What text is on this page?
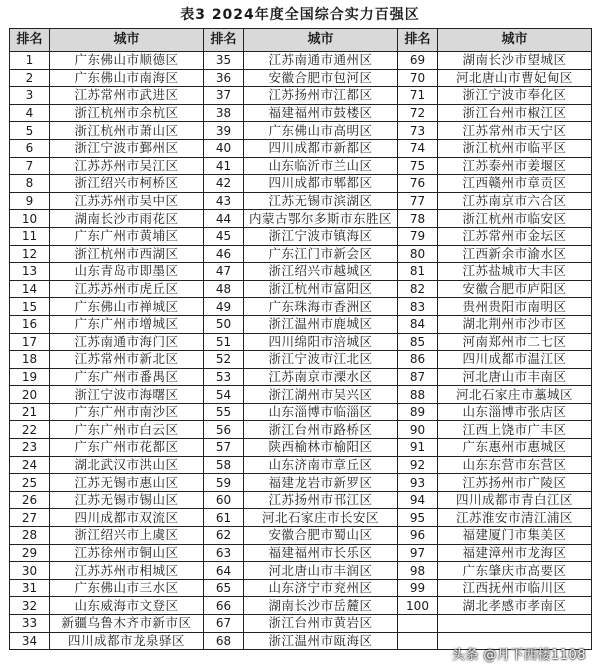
表3 2024年度全国综合实力百强区
排名	城市	排名	城市	排名	城市
1	广东佛山市顺德区	35	江苏南通市通州区	69	湖南长沙市望城区
2	广东佛山市南海区	36	安徽合肥市包河区	70	河北唐山市曹妃甸区
3	江苏常州市武进区	37	江苏扬州市江都区	71	浙江宁波市奉化区
4	浙江杭州市余杭区	38	福建福州市鼓楼区	72	浙江台州市椒江区
5	浙江杭州市萧山区	39	广东佛山市高明区	73	江苏常州市天宁区
6	浙江宁波市鄞州区	40	四川成都市新都区	74	浙江杭州市临平区
7	江苏苏州市吴江区	41	山东临沂市兰山区	75	江苏泰州市姜堰区
8	浙江绍兴市柯桥区	42	四川成都市郫都区	76	江西赣州市章贡区
9	江苏苏州市吴中区	43	江苏无锡市滨湖区	77	江苏南京市六合区
10	湖南长沙市雨花区	44	内蒙古鄂尔多斯市东胜区	78	浙江杭州市临安区
11	广东广州市黄埔区	45	浙江宁波市镇海区	79	江苏常州市金坛区
12	浙江杭州市西湖区	46	广东江门市新会区	80	江西新余市渝水区
13	山东青岛市即墨区	47	浙江绍兴市越城区	81	江苏盐城市大丰区
14	江苏苏州市虎丘区	48	浙江杭州市富阳区	82	安徽合肥市庐阳区
15	广东佛山市禅城区	49	广东珠海市香洲区	83	贵州贵阳市南明区
16	广东广州市增城区	50	浙江温州市鹿城区	84	湖北荆州市沙市区
17	江苏南通市海门区	51	四川绵阳市涪城区	85	河南郑州市二七区
18	江苏常州市新北区	52	浙江宁波市江北区	86	四川成都市温江区
19	广东广州市番禺区	53	江苏南京市溧水区	87	河北唐山市丰南区
20	浙江宁波市海曙区	54	浙江湖州市吴兴区	88	河北石家庄市藁城区
21	广东广州市南沙区	55	山东淄博市临淄区	89	山东淄博市张店区
22	广东广州市白云区	56	浙江台州市路桥区	90	江西上饶市广丰区
23	广东广州市花都区	57	陕西榆林市榆阳区	91	广东惠州市惠城区
24	湖北武汉市洪山区	58	山东济南市章丘区	92	山东东营市东营区
25	江苏无锡市惠山区	59	福建龙岩市新罗区	93	江苏扬州市广陵区
26	江苏无锡市锡山区	60	江苏扬州市邗江区	94	四川成都市青白江区
27	四川成都市双流区	61	河北石家庄市长安区	95	江苏淮安市清江浦区
28	浙江绍兴市上虞区	62	安徽合肥市蜀山区	96	福建厦门市集美区
29	江苏徐州市铜山区	63	福建福州市长乐区	97	福建漳州市龙海区
30	江苏苏州市相城区	64	河北唐山市丰润区	98	广东肇庆市高要区
31	广东佛山市三水区	65	山东济宁市兖州区	99	江西抚州市临川区
32	山东威海市文登区	66	湖南长沙市岳麓区	100	湖北孝感市孝南区
33	新疆乌鲁木齐市新市区	67	浙江台州市黄岩区		
34	四川成都市龙泉驿区	68	浙江温州市瓯海区		
头条 @月下西楼1108
